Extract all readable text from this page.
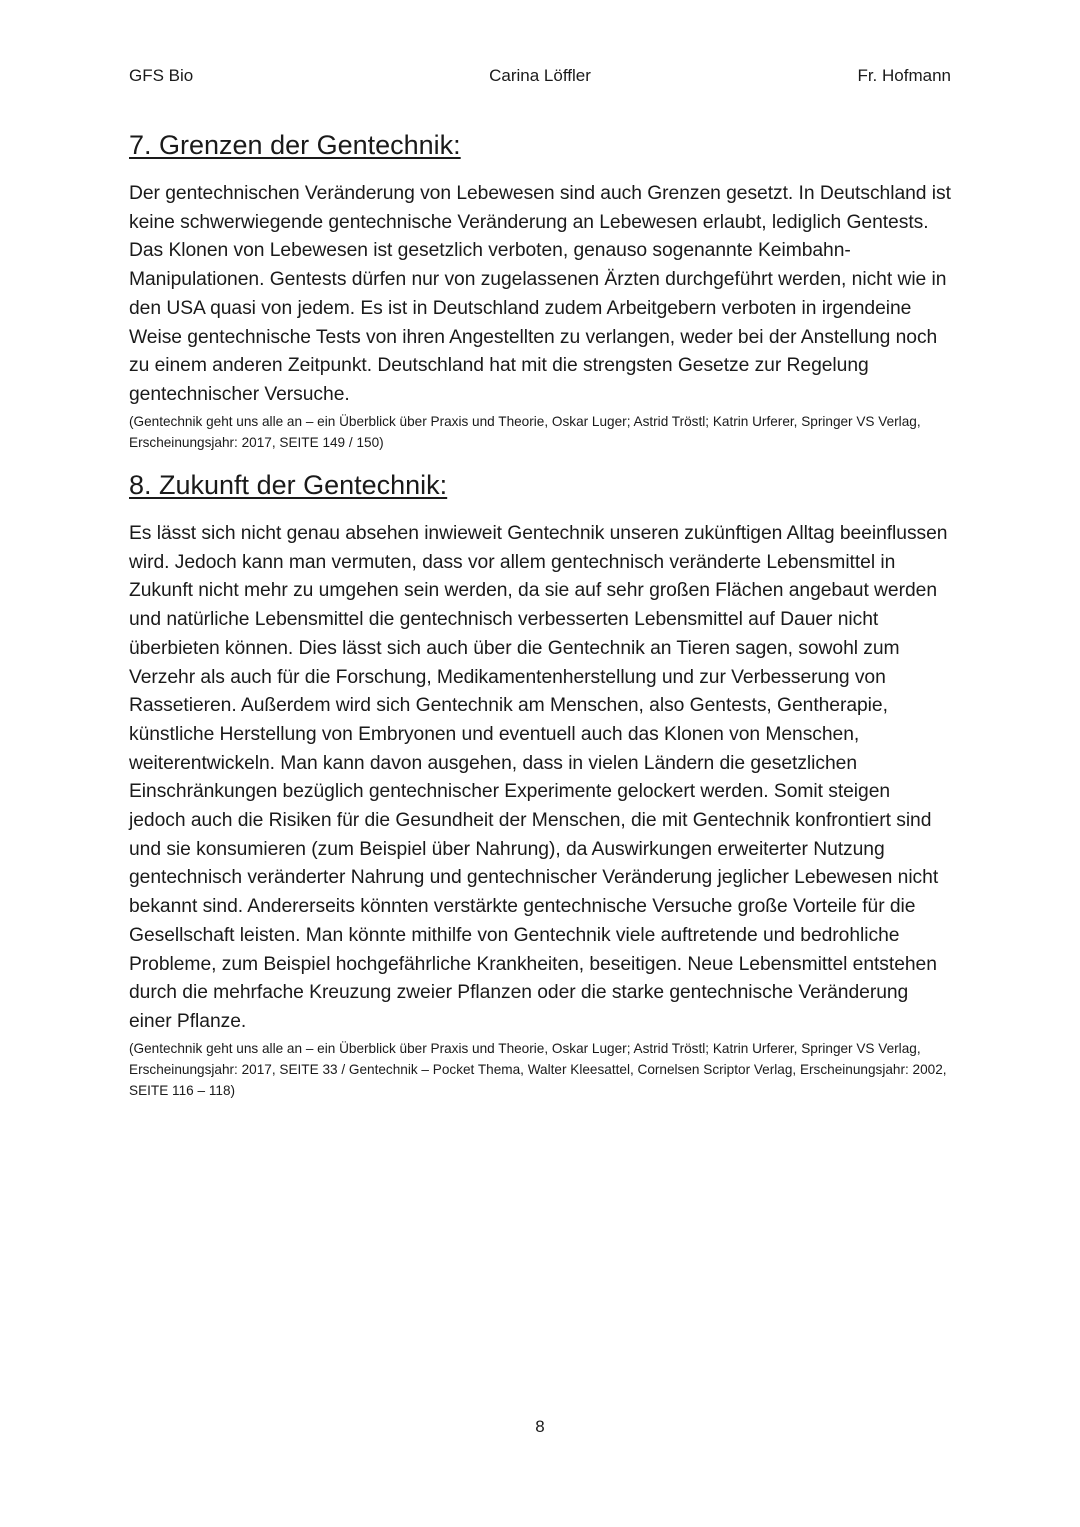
GFS Bio	Carina Löffler	Fr. Hofmann
7. Grenzen der Gentechnik:

Der gentechnischen Veränderung von Lebewesen sind auch Grenzen gesetzt. In Deutschland ist keine schwerwiegende gentechnische Veränderung an Lebewesen erlaubt, lediglich Gentests. Das Klonen von Lebewesen ist gesetzlich verboten, genauso sogenannte Keimbahn-Manipulationen. Gentests dürfen nur von zugelassenen Ärzten durchgeführt werden, nicht wie in den USA quasi von jedem. Es ist in Deutschland zudem Arbeitgebern verboten in irgendeine Weise gentechnische Tests von ihren Angestellten zu verlangen, weder bei der Anstellung noch zu einem anderen Zeitpunkt. Deutschland hat mit die strengsten Gesetze zur Regelung gentechnischer Versuche.

(Gentechnik geht uns alle an – ein Überblick über Praxis und Theorie, Oskar Luger; Astrid Tröstl; Katrin Urferer, Springer VS Verlag, Erscheinungsjahr: 2017, SEITE 149 / 150)

8. Zukunft der Gentechnik:

Es lässt sich nicht genau absehen inwieweit Gentechnik unseren zukünftigen Alltag beeinflussen wird. Jedoch kann man vermuten, dass vor allem gentechnisch veränderte Lebensmittel in Zukunft nicht mehr zu umgehen sein werden, da sie auf sehr großen Flächen angebaut werden und natürliche Lebensmittel die gentechnisch verbesserten Lebensmittel auf Dauer nicht überbieten können. Dies lässt sich auch über die Gentechnik an Tieren sagen, sowohl zum Verzehr als auch für die Forschung, Medikamentenherstellung und zur Verbesserung von Rassetieren. Außerdem wird sich Gentechnik am Menschen, also Gentests, Gentherapie, künstliche Herstellung von Embryonen und eventuell auch das Klonen von Menschen, weiterentwickeln. Man kann davon ausgehen, dass in vielen Ländern die gesetzlichen Einschränkungen bezüglich gentechnischer Experimente gelockert werden. Somit steigen jedoch auch die Risiken für die Gesundheit der Menschen, die mit Gentechnik konfrontiert sind und sie konsumieren (zum Beispiel über Nahrung), da Auswirkungen erweiterter Nutzung gentechnisch veränderter Nahrung und gentechnischer Veränderung jeglicher Lebewesen nicht bekannt sind. Andererseits könnten verstärkte gentechnische Versuche große Vorteile für die Gesellschaft leisten. Man könnte mithilfe von Gentechnik viele auftretende und bedrohliche Probleme, zum Beispiel hochgefährliche Krankheiten, beseitigen. Neue Lebensmittel entstehen durch die mehrfache Kreuzung zweier Pflanzen oder die starke gentechnische Veränderung einer Pflanze.

(Gentechnik geht uns alle an – ein Überblick über Praxis und Theorie, Oskar Luger; Astrid Tröstl; Katrin Urferer, Springer VS Verlag, Erscheinungsjahr: 2017, SEITE 33 / Gentechnik – Pocket Thema, Walter Kleesattel, Cornelsen Scriptor Verlag, Erscheinungsjahr: 2002, SEITE 116 – 118)

8
